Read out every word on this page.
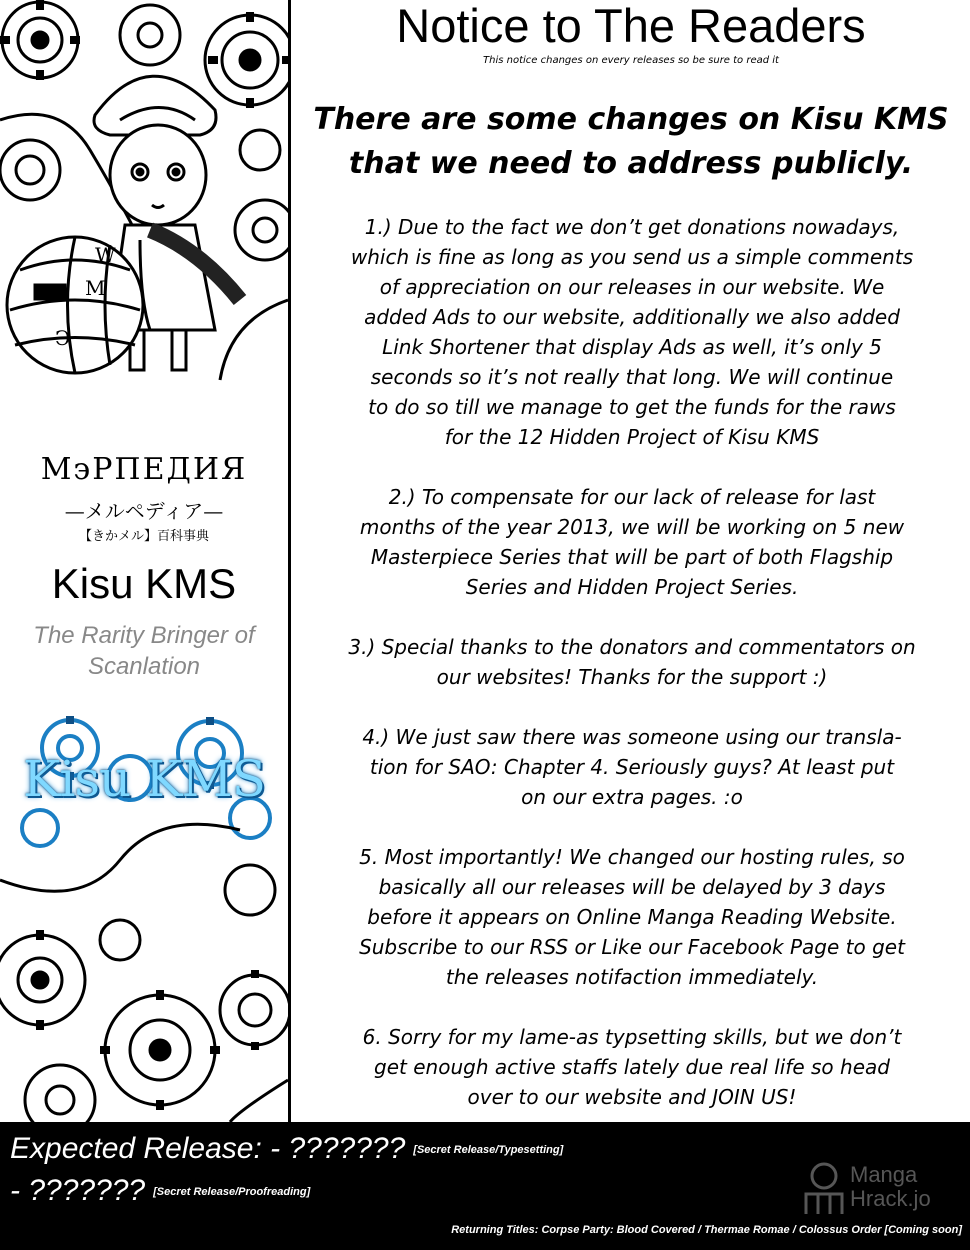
W
M
Э
МэРПЕДИЯ
—メルペディア—
【きかメル】百科事典
Kisu KMS
The Rarity Bringer of
Scanlation
Kisu KMS
Notice to The Readers
This notice changes on every releases so be sure to read it
There are some changes on Kisu KMS
that we need to address publicly.
1.) Due to the fact we don’t get donations nowadays,
which is fine as long as you send us a simple comments
of appreciation on our releases in our website. We
added Ads to our website, additionally we also added
Link Shortener that display Ads as well, it’s only 5
seconds so it’s not really that long. We will continue
to do so till we manage to get the funds for the raws
for the 12 Hidden Project of Kisu KMS
2.) To compensate for our lack of release for last
months of the year 2013, we will be working on 5 new
Masterpiece Series that will be part of both Flagship
Series and Hidden Project Series.
3.) Special thanks to the donators and commentators on
our websites! Thanks for the support :)
4.) We just saw there was someone using our transla-
tion for SAO: Chapter 4. Seriously guys? At least put
on our extra pages. :o
5. Most importantly! We changed our hosting rules, so
basically all our releases will be delayed by 3 days
before it appears on Online Manga Reading Website.
Subscribe to our RSS or Like our Facebook Page to get
the releases notifaction immediately.
6. Sorry for my lame-as typsetting skills, but we don’t
get enough active staffs lately due real life so head
over to our website and JOIN US!
Expected Release: - ??????? [Secret Release/Typesetting]
- ??????? [Secret Release/Proofreading]
Manga
Hrack.jo
Returning Titles: Corpse Party: Blood Covered / Thermae Romae / Colossus Order [Coming soon]
